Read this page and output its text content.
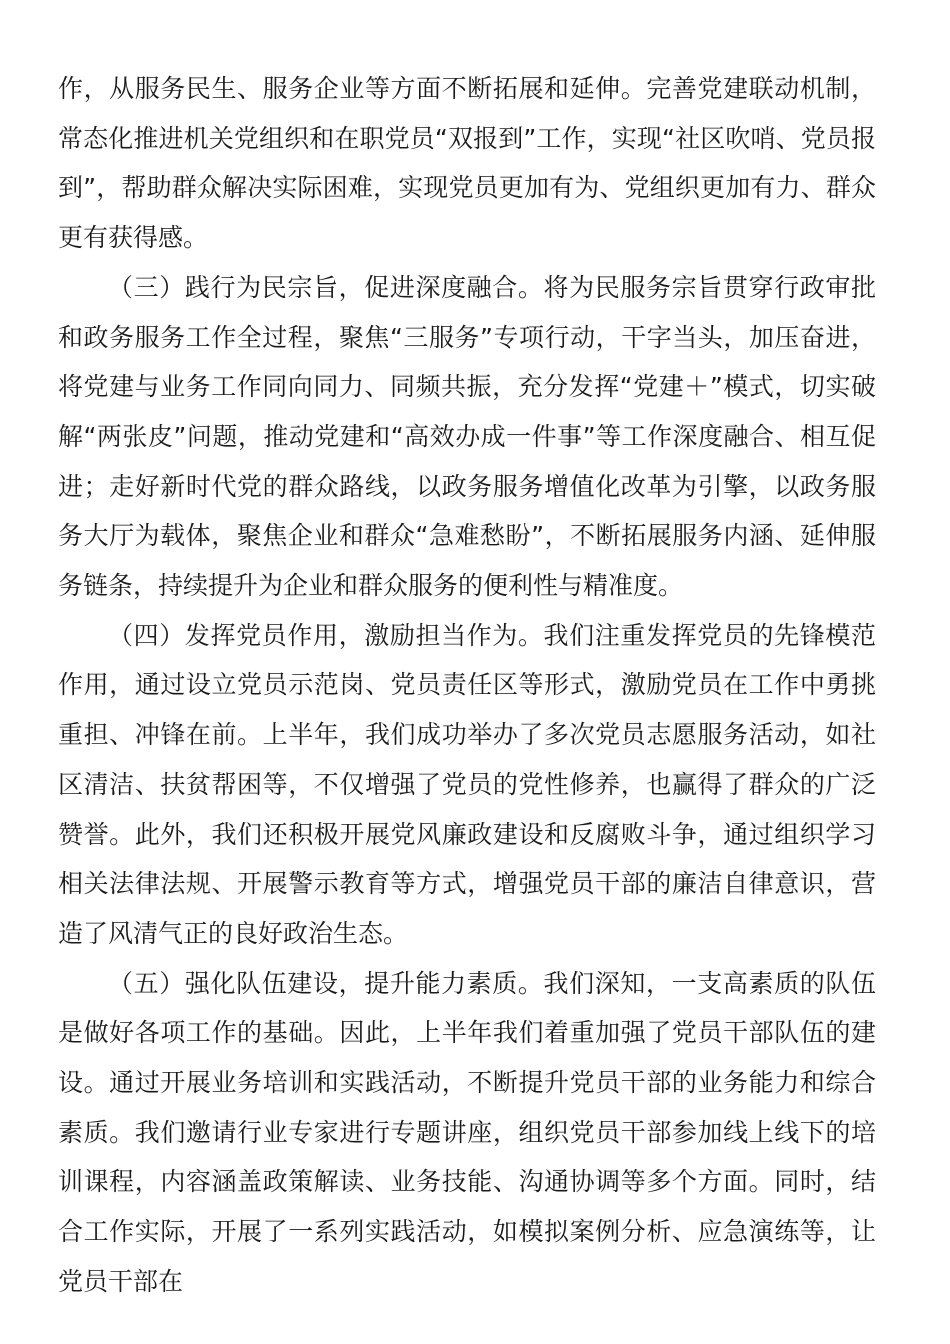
作，从服务民生、服务企业等方面不断拓展和延伸。完善党建联动机制，常态化推进机关党组织和在职党员“双报到”工作，实现“社区吹哨、党员报到”，帮助群众解决实际困难，实现党员更加有为、党组织更加有力、群众更有获得感。

（三）践行为民宗旨，促进深度融合。将为民服务宗旨贯穿行政审批和政务服务工作全过程，聚焦“三服务”专项行动，干字当头，加压奋进，将党建与业务工作同向同力、同频共振，充分发挥“党建＋”模式，切实破解“两张皮”问题，推动党建和“高效办成一件事”等工作深度融合、相互促进；走好新时代党的群众路线，以政务服务增值化改革为引擎，以政务服务大厅为载体，聚焦企业和群众“急难愁盼”，不断拓展服务内涵、延伸服务链条，持续提升为企业和群众服务的便利性与精准度。

（四）发挥党员作用，激励担当作为。我们注重发挥党员的先锋模范作用，通过设立党员示范岗、党员责任区等形式，激励党员在工作中勇挑重担、冲锋在前。上半年，我们成功举办了多次党员志愿服务活动，如社区清洁、扶贫帮困等，不仅增强了党员的党性修养，也赢得了群众的广泛赞誉。此外，我们还积极开展党风廉政建设和反腐败斗争，通过组织学习相关法律法规、开展警示教育等方式，增强党员干部的廉洁自律意识，营造了风清气正的良好政治生态。

（五）强化队伍建设，提升能力素质。我们深知，一支高素质的队伍是做好各项工作的基础。因此，上半年我们着重加强了党员干部队伍的建设。通过开展业务培训和实践活动，不断提升党员干部的业务能力和综合素质。我们邀请行业专家进行专题讲座，组织党员干部参加线上线下的培训课程，内容涵盖政策解读、业务技能、沟通协调等多个方面。同时，结合工作实际，开展了一系列实践活动，如模拟案例分析、应急演练等，让党员干部在
